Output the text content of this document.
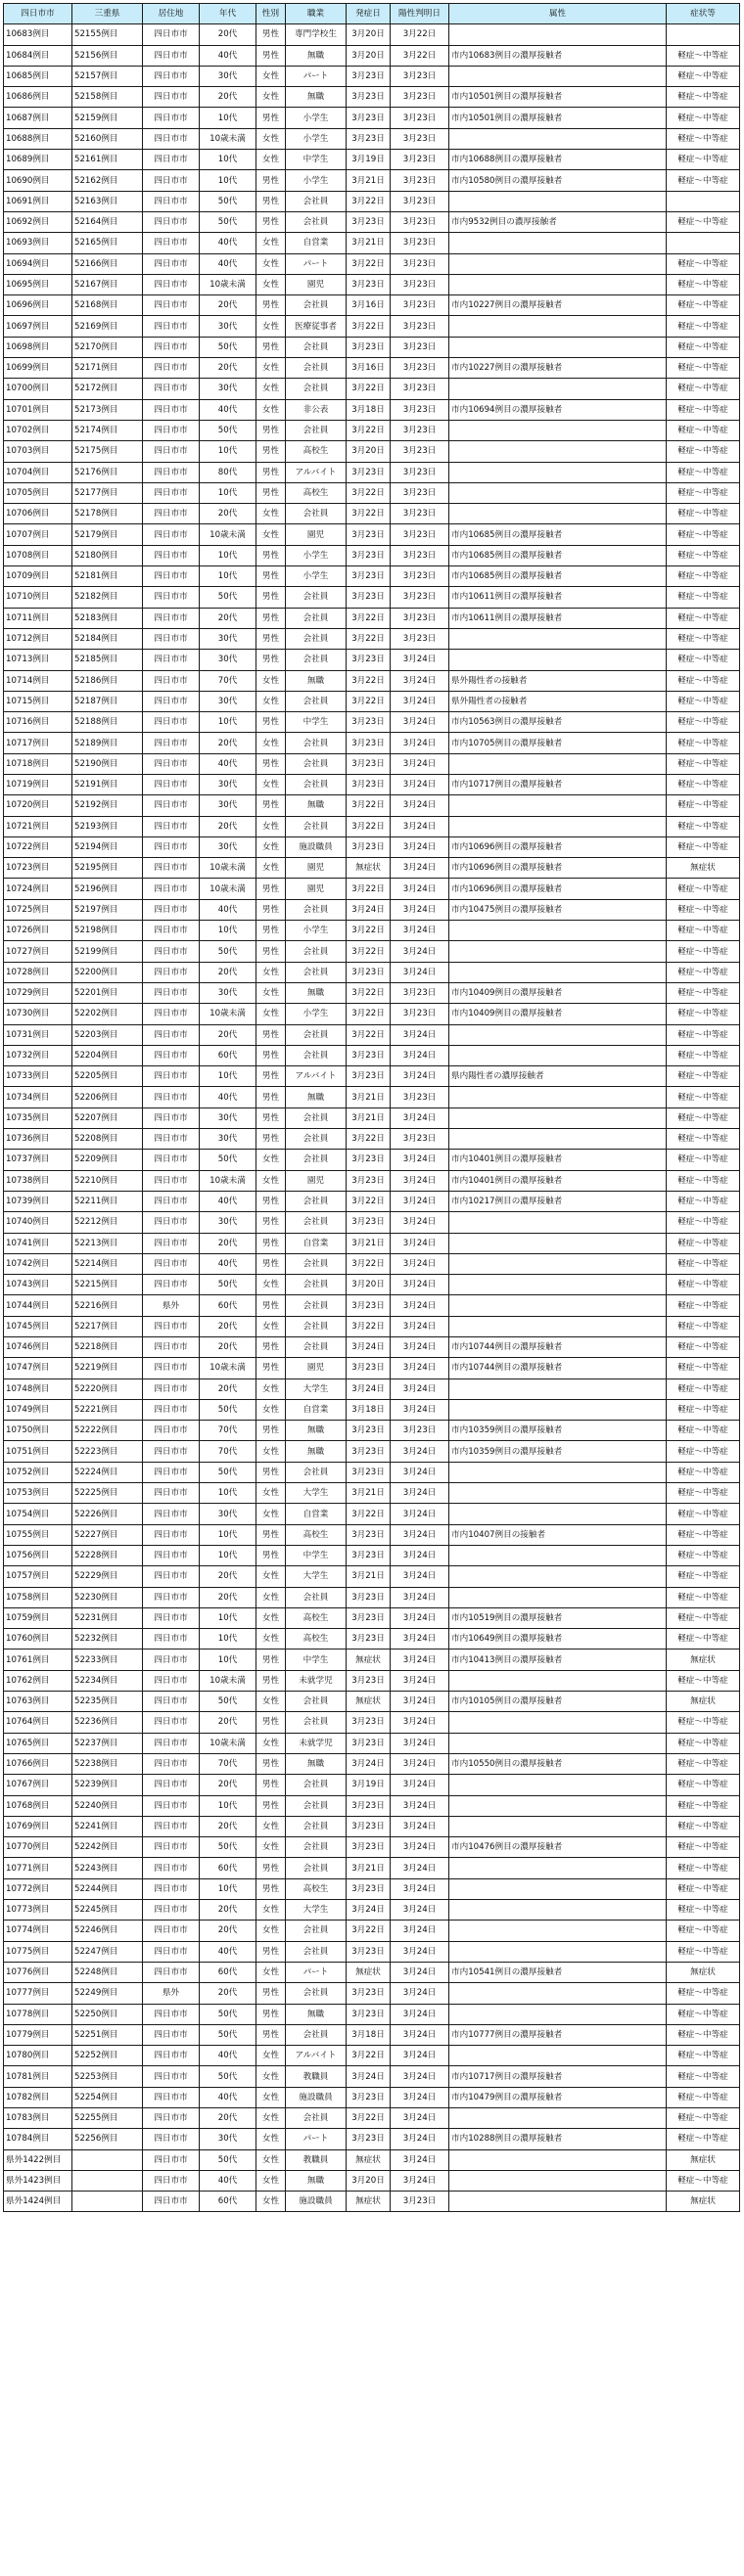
四日市市	三重県	居住地	年代	性別	職業	発症日	陽性判明日	属性	症状等
10683例目	52155例目	四日市市	20代	男性	専門学校生	3月20日	3月22日		
10684例目	52156例目	四日市市	40代	男性	無職	3月20日	3月22日	市内10683例目の濃厚接触者	軽症～中等症
10685例目	52157例目	四日市市	30代	女性	パート	3月23日	3月23日		軽症～中等症
10686例目	52158例目	四日市市	20代	女性	無職	3月23日	3月23日	市内10501例目の濃厚接触者	軽症～中等症
10687例目	52159例目	四日市市	10代	男性	小学生	3月23日	3月23日	市内10501例目の濃厚接触者	軽症～中等症
10688例目	52160例目	四日市市	10歳未満	女性	小学生	3月23日	3月23日		軽症～中等症
10689例目	52161例目	四日市市	10代	女性	中学生	3月19日	3月23日	市内10688例目の濃厚接触者	軽症～中等症
10690例目	52162例目	四日市市	10代	男性	小学生	3月21日	3月23日	市内10580例目の濃厚接触者	軽症～中等症
10691例目	52163例目	四日市市	50代	男性	会社員	3月22日	3月23日		
10692例目	52164例目	四日市市	50代	男性	会社員	3月23日	3月23日	市内9532例目の濃厚接触者	軽症～中等症
10693例目	52165例目	四日市市	40代	女性	自営業	3月21日	3月23日		
10694例目	52166例目	四日市市	40代	女性	パート	3月22日	3月23日		軽症～中等症
10695例目	52167例目	四日市市	10歳未満	女性	園児	3月23日	3月23日		軽症～中等症
10696例目	52168例目	四日市市	20代	男性	会社員	3月16日	3月23日	市内10227例目の濃厚接触者	軽症～中等症
10697例目	52169例目	四日市市	30代	女性	医療従事者	3月22日	3月23日		軽症～中等症
10698例目	52170例目	四日市市	50代	男性	会社員	3月23日	3月23日		軽症～中等症
10699例目	52171例目	四日市市	20代	女性	会社員	3月16日	3月23日	市内10227例目の濃厚接触者	軽症～中等症
10700例目	52172例目	四日市市	30代	女性	会社員	3月22日	3月23日		軽症～中等症
10701例目	52173例目	四日市市	40代	女性	非公表	3月18日	3月23日	市内10694例目の濃厚接触者	軽症～中等症
10702例目	52174例目	四日市市	50代	男性	会社員	3月22日	3月23日		軽症～中等症
10703例目	52175例目	四日市市	10代	男性	高校生	3月20日	3月23日		軽症～中等症
10704例目	52176例目	四日市市	80代	男性	アルバイト	3月23日	3月23日		軽症～中等症
10705例目	52177例目	四日市市	10代	男性	高校生	3月22日	3月23日		軽症～中等症
10706例目	52178例目	四日市市	20代	女性	会社員	3月22日	3月23日		軽症～中等症
10707例目	52179例目	四日市市	10歳未満	女性	園児	3月23日	3月23日	市内10685例目の濃厚接触者	軽症～中等症
10708例目	52180例目	四日市市	10代	男性	小学生	3月23日	3月23日	市内10685例目の濃厚接触者	軽症～中等症
10709例目	52181例目	四日市市	10代	男性	小学生	3月23日	3月23日	市内10685例目の濃厚接触者	軽症～中等症
10710例目	52182例目	四日市市	50代	男性	会社員	3月23日	3月23日	市内10611例目の濃厚接触者	軽症～中等症
10711例目	52183例目	四日市市	20代	男性	会社員	3月22日	3月23日	市内10611例目の濃厚接触者	軽症～中等症
10712例目	52184例目	四日市市	30代	男性	会社員	3月22日	3月23日		軽症～中等症
10713例目	52185例目	四日市市	30代	男性	会社員	3月23日	3月24日		軽症～中等症
10714例目	52186例目	四日市市	70代	女性	無職	3月22日	3月24日	県外陽性者の接触者	軽症～中等症
10715例目	52187例目	四日市市	30代	女性	会社員	3月22日	3月24日	県外陽性者の接触者	軽症～中等症
10716例目	52188例目	四日市市	10代	男性	中学生	3月23日	3月24日	市内10563例目の濃厚接触者	軽症～中等症
10717例目	52189例目	四日市市	20代	女性	会社員	3月23日	3月24日	市内10705例目の濃厚接触者	軽症～中等症
10718例目	52190例目	四日市市	40代	男性	会社員	3月23日	3月24日		軽症～中等症
10719例目	52191例目	四日市市	30代	女性	会社員	3月23日	3月24日	市内10717例目の濃厚接触者	軽症～中等症
10720例目	52192例目	四日市市	30代	男性	無職	3月22日	3月24日		軽症～中等症
10721例目	52193例目	四日市市	20代	女性	会社員	3月22日	3月24日		軽症～中等症
10722例目	52194例目	四日市市	30代	女性	施設職員	3月23日	3月24日	市内10696例目の濃厚接触者	軽症～中等症
10723例目	52195例目	四日市市	10歳未満	女性	園児	無症状	3月24日	市内10696例目の濃厚接触者	無症状
10724例目	52196例目	四日市市	10歳未満	男性	園児	3月22日	3月24日	市内10696例目の濃厚接触者	軽症～中等症
10725例目	52197例目	四日市市	40代	男性	会社員	3月24日	3月24日	市内10475例目の濃厚接触者	軽症～中等症
10726例目	52198例目	四日市市	10代	男性	小学生	3月22日	3月24日		軽症～中等症
10727例目	52199例目	四日市市	50代	男性	会社員	3月22日	3月24日		軽症～中等症
10728例目	52200例目	四日市市	20代	女性	会社員	3月23日	3月24日		軽症～中等症
10729例目	52201例目	四日市市	30代	女性	無職	3月22日	3月23日	市内10409例目の濃厚接触者	軽症～中等症
10730例目	52202例目	四日市市	10歳未満	女性	小学生	3月22日	3月23日	市内10409例目の濃厚接触者	軽症～中等症
10731例目	52203例目	四日市市	20代	男性	会社員	3月22日	3月24日		軽症～中等症
10732例目	52204例目	四日市市	60代	男性	会社員	3月23日	3月24日		軽症～中等症
10733例目	52205例目	四日市市	10代	男性	アルバイト	3月23日	3月24日	県内陽性者の濃厚接触者	軽症～中等症
10734例目	52206例目	四日市市	40代	男性	無職	3月21日	3月23日		軽症～中等症
10735例目	52207例目	四日市市	30代	男性	会社員	3月21日	3月24日		軽症～中等症
10736例目	52208例目	四日市市	30代	男性	会社員	3月22日	3月23日		軽症～中等症
10737例目	52209例目	四日市市	50代	女性	会社員	3月23日	3月24日	市内10401例目の濃厚接触者	軽症～中等症
10738例目	52210例目	四日市市	10歳未満	女性	園児	3月23日	3月24日	市内10401例目の濃厚接触者	軽症～中等症
10739例目	52211例目	四日市市	40代	男性	会社員	3月22日	3月24日	市内10217例目の濃厚接触者	軽症～中等症
10740例目	52212例目	四日市市	30代	男性	会社員	3月23日	3月24日		軽症～中等症
10741例目	52213例目	四日市市	20代	男性	自営業	3月21日	3月24日		軽症～中等症
10742例目	52214例目	四日市市	40代	男性	会社員	3月22日	3月24日		軽症～中等症
10743例目	52215例目	四日市市	50代	女性	会社員	3月20日	3月24日		軽症～中等症
10744例目	52216例目	県外	60代	男性	会社員	3月23日	3月24日		軽症～中等症
10745例目	52217例目	四日市市	20代	女性	会社員	3月22日	3月24日		軽症～中等症
10746例目	52218例目	四日市市	20代	男性	会社員	3月24日	3月24日	市内10744例目の濃厚接触者	軽症～中等症
10747例目	52219例目	四日市市	10歳未満	男性	園児	3月23日	3月24日	市内10744例目の濃厚接触者	軽症～中等症
10748例目	52220例目	四日市市	20代	女性	大学生	3月24日	3月24日		軽症～中等症
10749例目	52221例目	四日市市	50代	女性	自営業	3月18日	3月24日		軽症～中等症
10750例目	52222例目	四日市市	70代	男性	無職	3月23日	3月23日	市内10359例目の濃厚接触者	軽症～中等症
10751例目	52223例目	四日市市	70代	女性	無職	3月23日	3月24日	市内10359例目の濃厚接触者	軽症～中等症
10752例目	52224例目	四日市市	50代	男性	会社員	3月23日	3月24日		軽症～中等症
10753例目	52225例目	四日市市	10代	女性	大学生	3月21日	3月24日		軽症～中等症
10754例目	52226例目	四日市市	30代	女性	自営業	3月22日	3月24日		軽症～中等症
10755例目	52227例目	四日市市	10代	男性	高校生	3月23日	3月24日	市内10407例目の接触者	軽症～中等症
10756例目	52228例目	四日市市	10代	男性	中学生	3月23日	3月24日		軽症～中等症
10757例目	52229例目	四日市市	20代	女性	大学生	3月21日	3月24日		軽症～中等症
10758例目	52230例目	四日市市	20代	女性	会社員	3月23日	3月24日		軽症～中等症
10759例目	52231例目	四日市市	10代	女性	高校生	3月23日	3月24日	市内10519例目の濃厚接触者	軽症～中等症
10760例目	52232例目	四日市市	10代	女性	高校生	3月23日	3月24日	市内10649例目の濃厚接触者	軽症～中等症
10761例目	52233例目	四日市市	10代	男性	中学生	無症状	3月24日	市内10413例目の濃厚接触者	無症状
10762例目	52234例目	四日市市	10歳未満	男性	未就学児	3月23日	3月24日		軽症～中等症
10763例目	52235例目	四日市市	50代	女性	会社員	無症状	3月24日	市内10105例目の濃厚接触者	無症状
10764例目	52236例目	四日市市	20代	男性	会社員	3月23日	3月24日		軽症～中等症
10765例目	52237例目	四日市市	10歳未満	女性	未就学児	3月23日	3月24日		軽症～中等症
10766例目	52238例目	四日市市	70代	男性	無職	3月24日	3月24日	市内10550例目の濃厚接触者	軽症～中等症
10767例目	52239例目	四日市市	20代	男性	会社員	3月19日	3月24日		軽症～中等症
10768例目	52240例目	四日市市	10代	男性	会社員	3月23日	3月24日		軽症～中等症
10769例目	52241例目	四日市市	20代	女性	会社員	3月23日	3月24日		軽症～中等症
10770例目	52242例目	四日市市	50代	女性	会社員	3月23日	3月24日	市内10476例目の濃厚接触者	軽症～中等症
10771例目	52243例目	四日市市	60代	男性	会社員	3月21日	3月24日		軽症～中等症
10772例目	52244例目	四日市市	10代	男性	高校生	3月23日	3月24日		軽症～中等症
10773例目	52245例目	四日市市	20代	女性	大学生	3月24日	3月24日		軽症～中等症
10774例目	52246例目	四日市市	20代	女性	会社員	3月22日	3月24日		軽症～中等症
10775例目	52247例目	四日市市	40代	男性	会社員	3月23日	3月24日		軽症～中等症
10776例目	52248例目	四日市市	60代	女性	パート	無症状	3月24日	市内10541例目の濃厚接触者	無症状
10777例目	52249例目	県外	20代	男性	会社員	3月23日	3月24日		軽症～中等症
10778例目	52250例目	四日市市	50代	男性	無職	3月23日	3月24日		軽症～中等症
10779例目	52251例目	四日市市	50代	男性	会社員	3月18日	3月24日	市内10777例目の濃厚接触者	軽症～中等症
10780例目	52252例目	四日市市	40代	女性	アルバイト	3月22日	3月24日		軽症～中等症
10781例目	52253例目	四日市市	50代	女性	教職員	3月24日	3月24日	市内10717例目の濃厚接触者	軽症～中等症
10782例目	52254例目	四日市市	40代	女性	施設職員	3月23日	3月24日	市内10479例目の濃厚接触者	軽症～中等症
10783例目	52255例目	四日市市	20代	女性	会社員	3月22日	3月24日		軽症～中等症
10784例目	52256例目	四日市市	30代	女性	パート	3月23日	3月24日	市内10288例目の濃厚接触者	軽症～中等症
県外1422例目		四日市市	50代	女性	教職員	無症状	3月24日		無症状
県外1423例目		四日市市	40代	女性	無職	3月20日	3月24日		軽症～中等症
県外1424例目		四日市市	60代	女性	施設職員	無症状	3月23日		無症状
